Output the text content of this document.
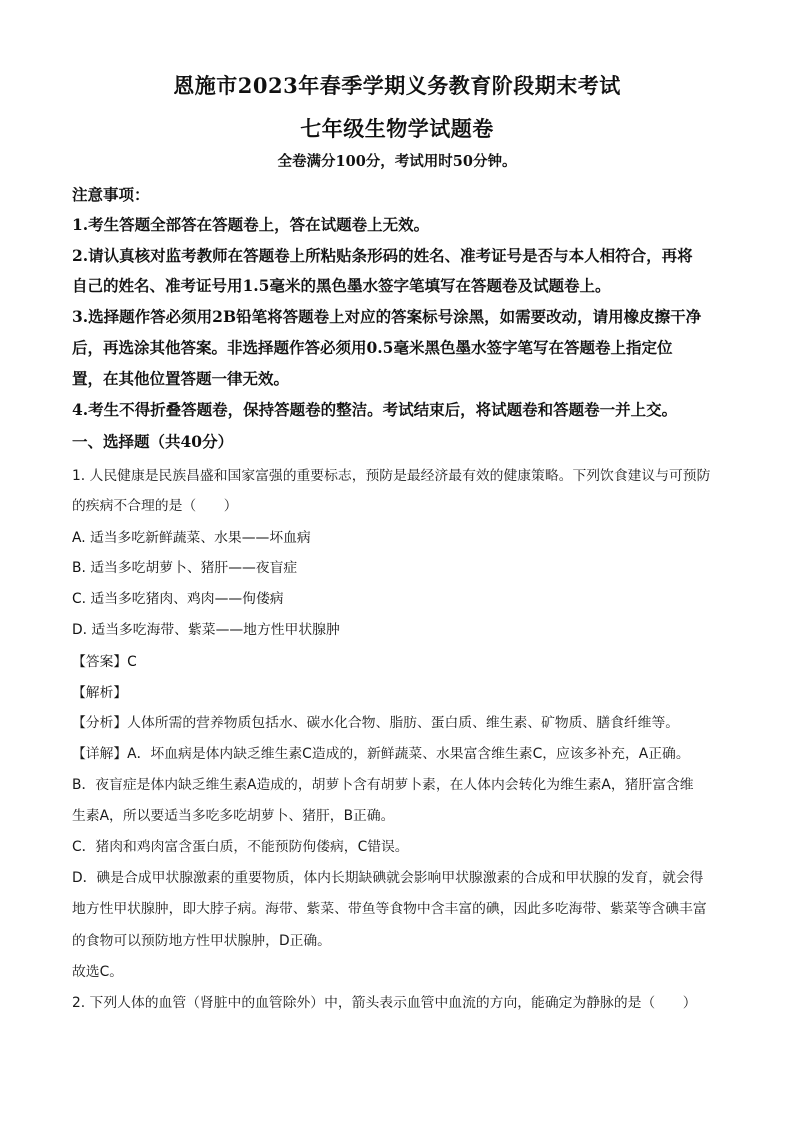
恩施市2023年春季学期义务教育阶段期末考试
七年级生物学试题卷
全卷满分100分，考试用时50分钟。
注意事项：
1.考生答题全部答在答题卷上，答在试题卷上无效。
2.请认真核对监考教师在答题卷上所粘贴条形码的姓名、准考证号是否与本人相符合，再将
自己的姓名、准考证号用1.5毫米的黑色墨水签字笔填写在答题卷及试题卷上。
3.选择题作答必须用2B铅笔将答题卷上对应的答案标号涂黑，如需要改动，请用橡皮擦干净
后，再选涂其他答案。非选择题作答必须用0.5毫米黑色墨水签字笔写在答题卷上指定位
置，在其他位置答题一律无效。
4.考生不得折叠答题卷，保持答题卷的整洁。考试结束后，将试题卷和答题卷一并上交。
一、选择题（共40分）
1. 人民健康是民族昌盛和国家富强的重要标志，预防是最经济最有效的健康策略。下列饮食建议与可预防
的疾病不合理的是（　　）
A. 适当多吃新鲜蔬菜、水果——坏血病
B. 适当多吃胡萝卜、猪肝——夜盲症
C. 适当多吃猪肉、鸡肉——佝偻病
D. 适当多吃海带、紫菜——地方性甲状腺肿
【答案】C
【解析】
【分析】人体所需的营养物质包括水、碳水化合物、脂肪、蛋白质、维生素、矿物质、膳食纤维等。
【详解】A．坏血病是体内缺乏维生素C造成的，新鲜蔬菜、水果富含维生素C，应该多补充，A正确。
B．夜盲症是体内缺乏维生素A造成的，胡萝卜含有胡萝卜素，在人体内会转化为维生素A，猪肝富含维
生素A，所以要适当多吃多吃胡萝卜、猪肝，B正确。
C．猪肉和鸡肉富含蛋白质，不能预防佝偻病，C错误。
D．碘是合成甲状腺激素的重要物质，体内长期缺碘就会影响甲状腺激素的合成和甲状腺的发育，就会得
地方性甲状腺肿，即大脖子病。海带、紫菜、带鱼等食物中含丰富的碘，因此多吃海带、紫菜等含碘丰富
的食物可以预防地方性甲状腺肿，D正确。
故选C。
2. 下列人体的血管（肾脏中的血管除外）中，箭头表示血管中血流的方向，能确定为静脉的是（　　）
